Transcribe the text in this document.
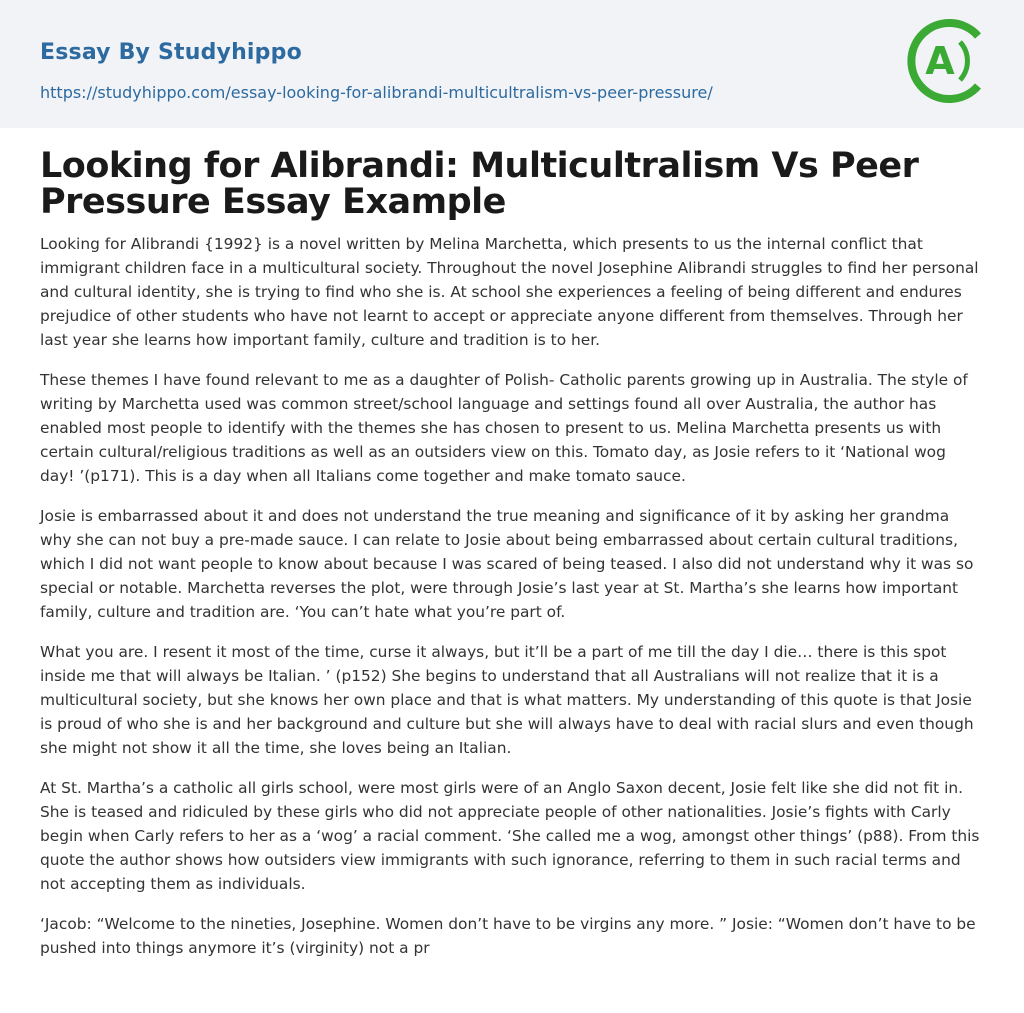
Essay By Studyhippo
https://studyhippo.com/essay-looking-for-alibrandi-multicultralism-vs-peer-pressure/
A
Looking for Alibrandi: Multicultralism Vs Peer Pressure Essay Example

Looking for Alibrandi {1992} is a novel written by Melina Marchetta, which presents to us the internal conflict that immigrant children face in a multicultural society. Throughout the novel Josephine Alibrandi struggles to find her personal and cultural identity, she is trying to find who she is. At school she experiences a feeling of being different and endures prejudice of other students who have not learnt to accept or appreciate anyone different from themselves. Through her last year she learns how important family, culture and tradition is to her.

These themes I have found relevant to me as a daughter of Polish- Catholic parents growing up in Australia. The style of writing by Marchetta used was common street/school language and settings found all over Australia, the author has enabled most people to identify with the themes she has chosen to present to us. Melina Marchetta presents us with certain cultural/religious traditions as well as an outsiders view on this. Tomato day, as Josie refers to it ‘National wog day! ’(p171). This is a day when all Italians come together and make tomato sauce.

Josie is embarrassed about it and does not understand the true meaning and significance of it by asking her grandma why she can not buy a pre-made sauce. I can relate to Josie about being embarrassed about certain cultural traditions, which I did not want people to know about because I was scared of being teased. I also did not understand why it was so special or notable. Marchetta reverses the plot, were through Josie’s last year at St. Martha’s she learns how important family, culture and tradition are. ‘You can’t hate what you’re part of.

What you are. I resent it most of the time, curse it always, but it’ll be a part of me till the day I die… there is this spot inside me that will always be Italian. ’ (p152) She begins to understand that all Australians will not realize that it is a multicultural society, but she knows her own place and that is what matters. My understanding of this quote is that Josie is proud of who she is and her background and culture but she will always have to deal with racial slurs and even though she might not show it all the time, she loves being an Italian.

At St. Martha’s a catholic all girls school, were most girls were of an Anglo Saxon decent, Josie felt like she did not fit in. She is teased and ridiculed by these girls who did not appreciate people of other nationalities. Josie’s fights with Carly begin when Carly refers to her as a ‘wog’ a racial comment. ‘She called me a wog, amongst other things’ (p88). From this quote the author shows how outsiders view immigrants with such ignorance, referring to them in such racial terms and not accepting them as individuals.

‘Jacob: “Welcome to the nineties, Josephine. Women don’t have to be virgins any more. ” Josie: “Women don’t have to be pushed into things anymore it’s (virginity) not a pr
